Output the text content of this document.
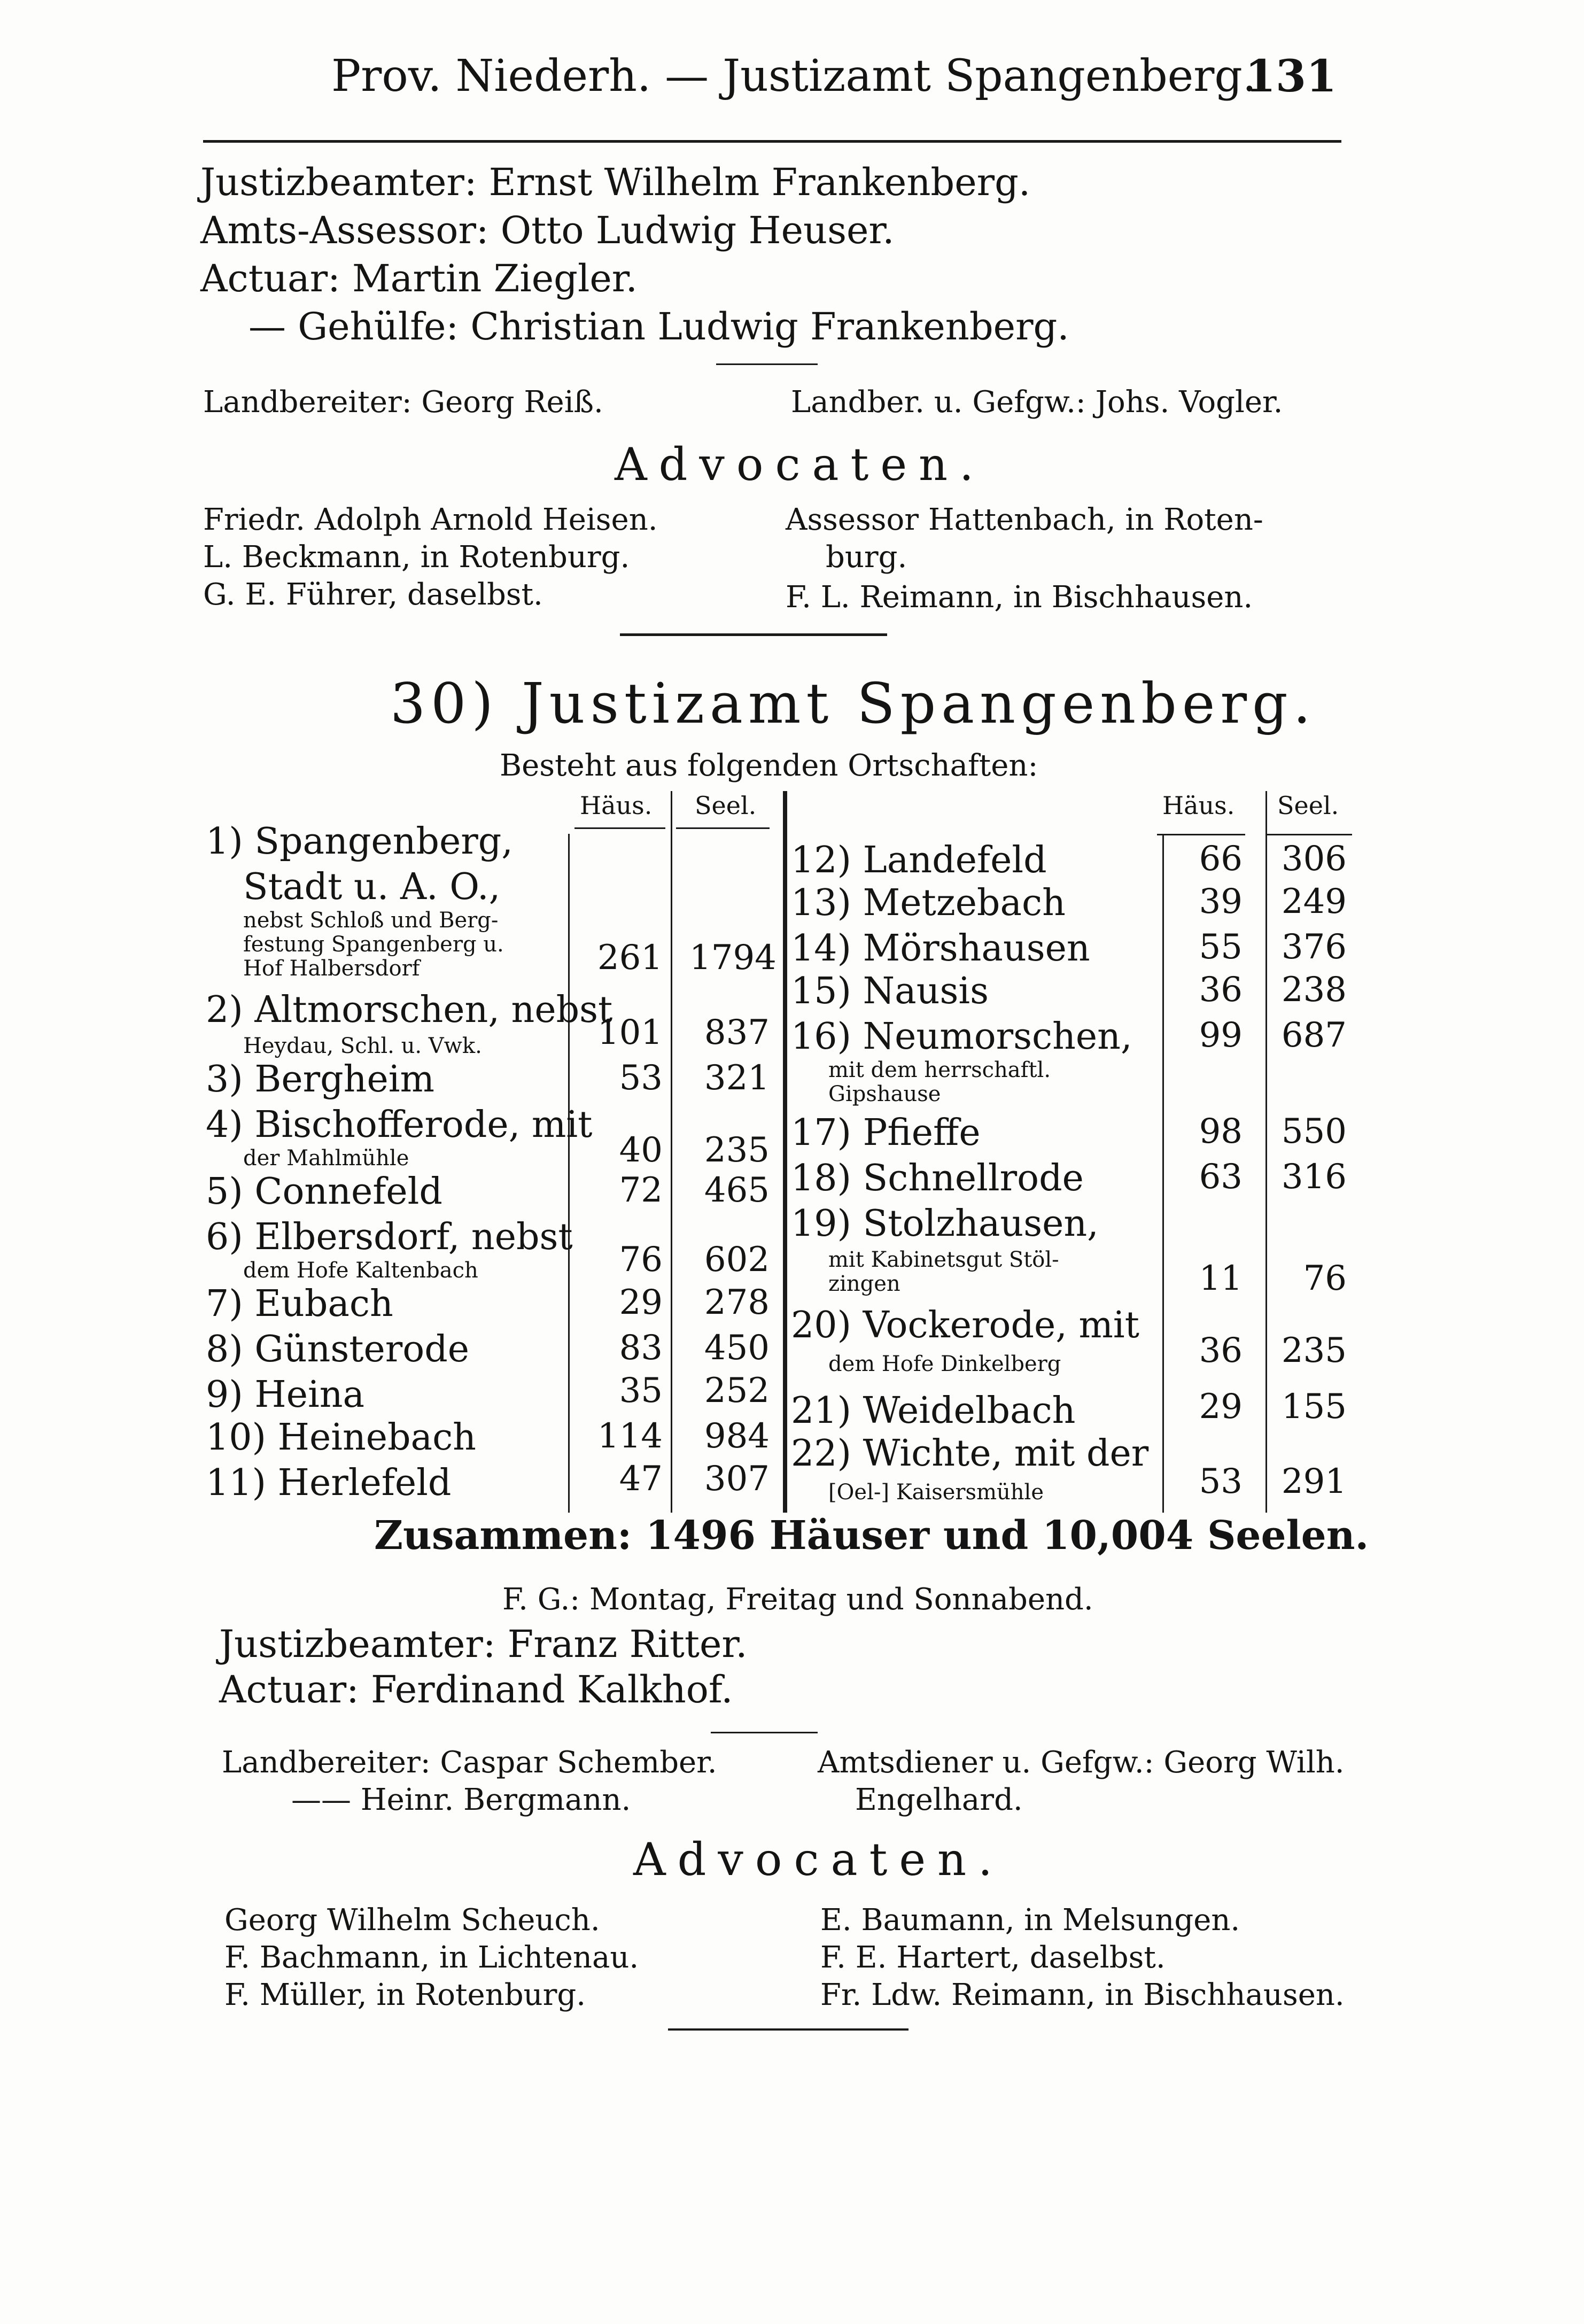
Prov. Niederh. — Justizamt Spangenberg.
131
Justizbeamter: Ernst Wilhelm Frankenberg.
Amts-Assessor: Otto Ludwig Heuser.
Actuar: Martin Ziegler.
— Gehülfe: Christian Ludwig Frankenberg.
Landbereiter: Georg Reiß.	Landber. u. Gefgw.: Johs. Vogler.
Advocaten.
Friedr. Adolph Arnold Heisen.
L. Beckmann, in Rotenburg.
G. E. Führer, daselbst.
Assessor Hattenbach, in Roten-
burg.
F. L. Reimann, in Bischhausen.
30) Justizamt Spangenberg.
Besteht aus folgenden Ortschaften:
Häus. Seel.	Häus. Seel.
1) Spangenberg,
Stadt u. A. O.,
nebst Schloß und Berg-
festung Spangenberg u.
Hof Halbersdorf	261 1794
2) Altmorschen, nebst
Heydau, Schl. u. Vwk.	101	837
3) Bergheim	53	321
4) Bischofferode, mit
der Mahlmühle	40	235
5) Connefeld	72	465
6) Elbersdorf, nebst
dem Hofe Kaltenbach	76	602
7) Eubach	29	278
8) Günsterode	83	450
9) Heina	35	252
10) Heinebach	114	984
11) Herlefeld	47	307
12) Landefeld	66	306
13) Metzebach	39	249
14) Mörshausen	55	376
15) Nausis	36	238
16) Neumorschen,
mit dem herrschaftl.
Gipshause
99	687
17) Pfieffe	98	550
18) Schnellrode	63	316
19) Stolzhausen,
mit Kabinetsgut Stöl-
zingen	11	76
20) Vockerode, mit
dem Hofe Dinkelberg	36	235
21) Weidelbach	29	155
22) Wichte, mit der
[Oel-] Kaisersmühle	53	291
Zusammen: 1496 Häuser und 10,004 Seelen.
F. G.: Montag, Freitag und Sonnabend.
Justizbeamter: Franz Ritter.
Actuar: Ferdinand Kalkhof.
Landbereiter: Caspar Schember.
—— Heinr. Bergmann.
Amtsdiener u. Gefgw.: Georg Wilh.
Engelhard.
Advocaten.
Georg Wilhelm Scheuch.
F. Bachmann, in Lichtenau.
F. Müller, in Rotenburg.
E. Baumann, in Melsungen.
F. E. Hartert, daselbst.
Fr. Ldw. Reimann, in Bischhausen.
